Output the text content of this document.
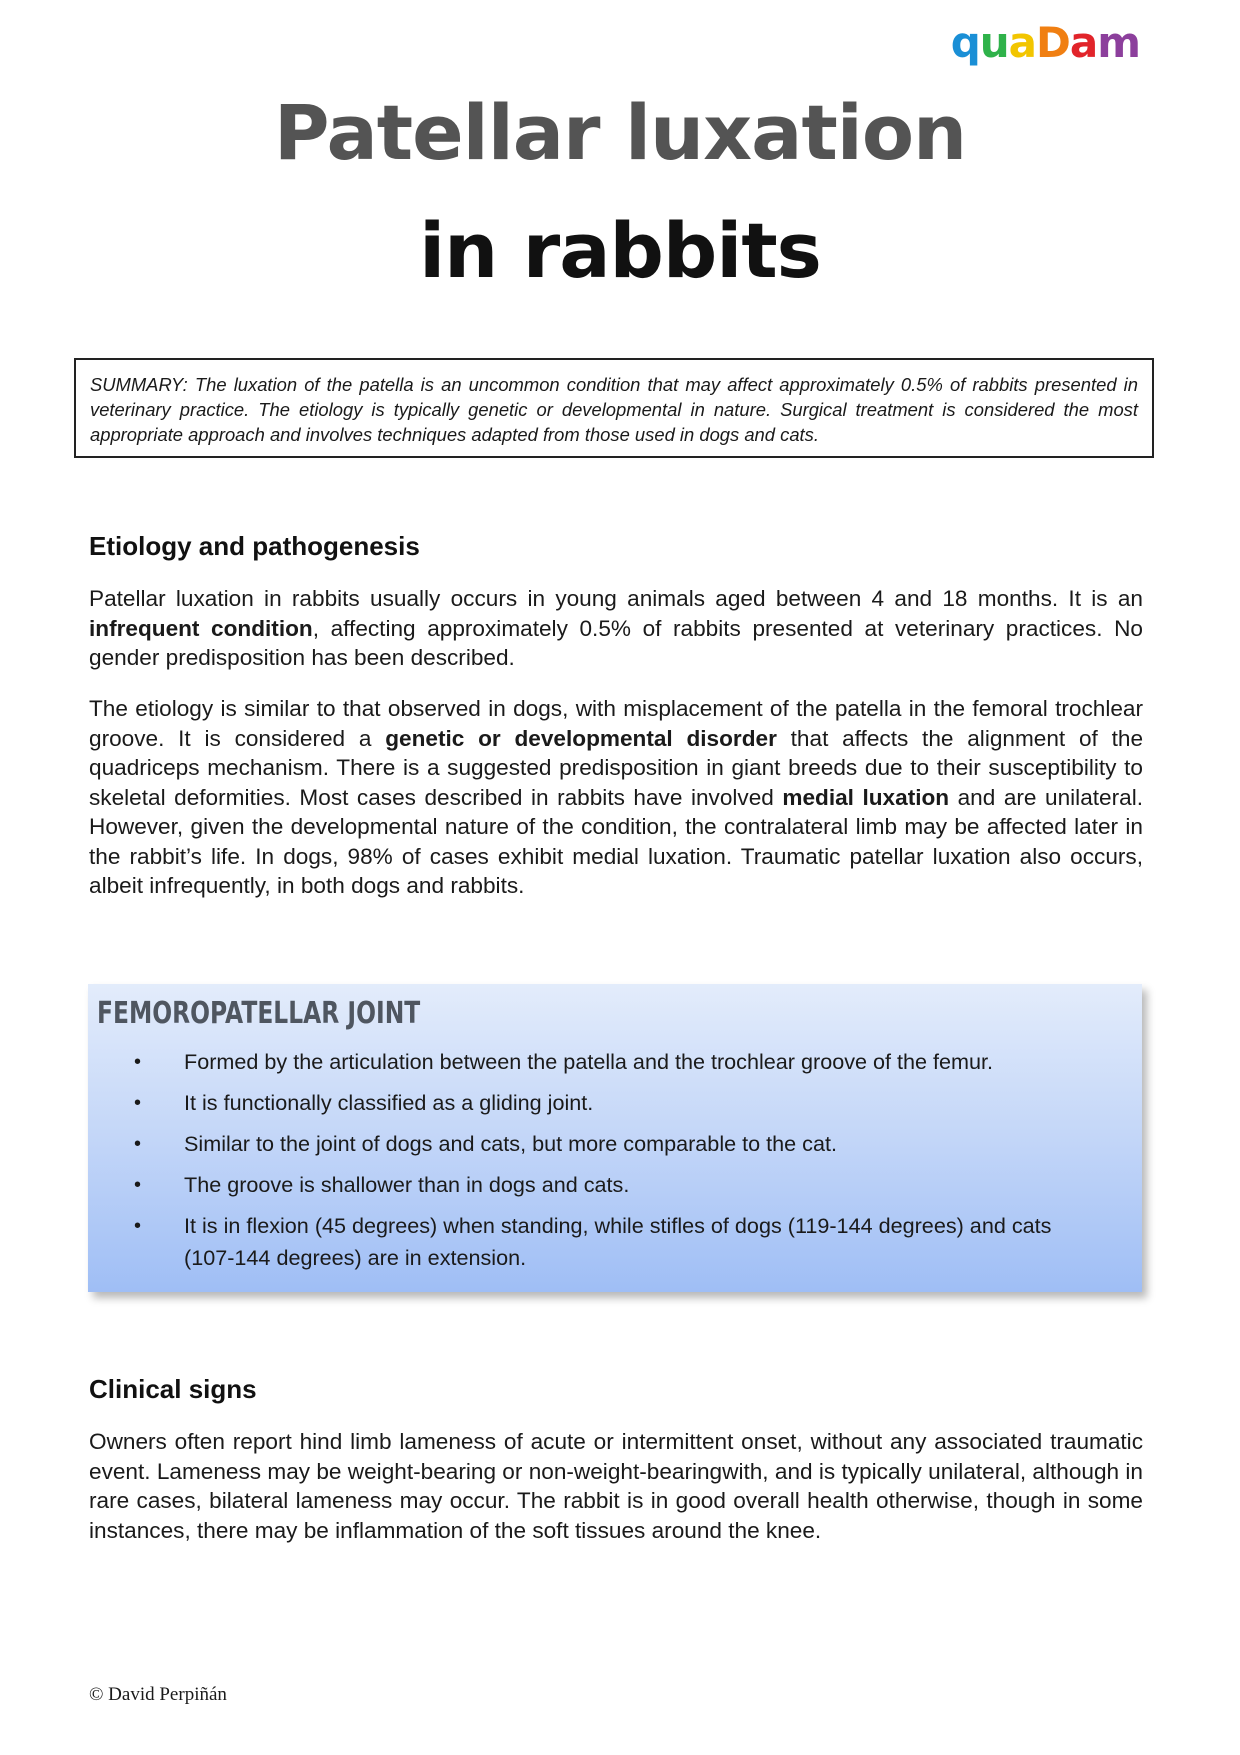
quaDam
Patellar luxation
in rabbits

SUMMARY: The luxation of the patella is an uncommon condition that may affect approximately 0.5% of rabbits presented in veterinary practice. The etiology is typically genetic or developmental in nature. Surgical treatment is considered the most appropriate approach and involves techniques adapted from those used in dogs and cats.

Etiology and pathogenesis

Patellar luxation in rabbits usually occurs in young animals aged between 4 and 18 months. It is an infrequent condition, affecting approximately 0.5% of rabbits presented at veterinary practices. No gender predisposition has been described.

The etiology is similar to that observed in dogs, with misplacement of the patella in the femoral trochlear groove. It is considered a genetic or developmental disorder that affects the alignment of the quadriceps mechanism. There is a suggested predisposition in giant breeds due to their susceptibility to skeletal deformities. Most cases described in rabbits have involved medial luxation and are unilateral. However, given the developmental nature of the condition, the contralateral limb may be affected later in the rabbit’s life. In dogs, 98% of cases exhibit medial luxation. Traumatic patellar luxation also occurs, albeit infrequently, in both dogs and rabbits.

FEMOROPATELLAR JOINT
• Formed by the articulation between the patella and the trochlear groove of the femur.
• It is functionally classified as a gliding joint.
• Similar to the joint of dogs and cats, but more comparable to the cat.
• The groove is shallower than in dogs and cats.
• It is in flexion (45 degrees) when standing, while stifles of dogs (119-144 degrees) and cats (107-144 degrees) are in extension.
Clinical signs

Owners often report hind limb lameness of acute or intermittent onset, without any associated traumatic event. Lameness may be weight-bearing or non-weight-bearingwith, and is typically unilateral, although in rare cases, bilateral lameness may occur. The rabbit is in good overall health otherwise, though in some instances, there may be inflammation of the soft tissues around the knee.

© David Perpiñán
